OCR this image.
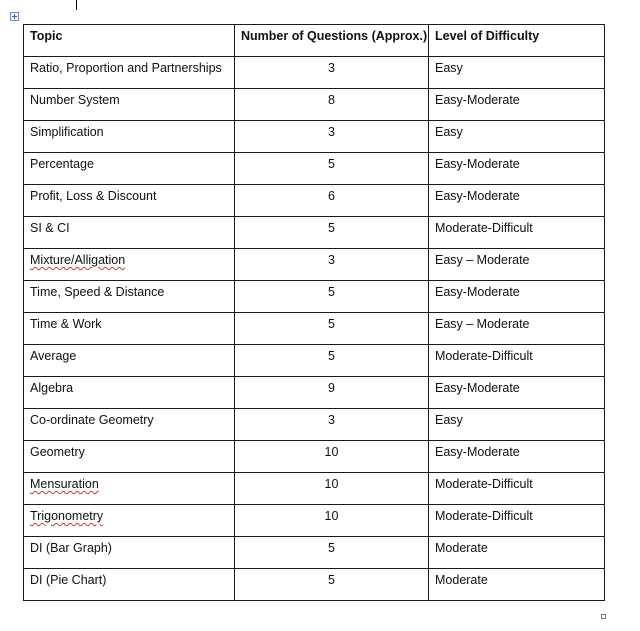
Topic	Number of Questions (Approx.)	Level of Difficulty
Ratio, Proportion and Partnerships	3	Easy
Number System	8	Easy-Moderate
Simplification	3	Easy
Percentage	5	Easy-Moderate
Profit, Loss & Discount	6	Easy-Moderate
SI & CI	5	Moderate-Difficult
Mixture/Alligation	3	Easy – Moderate
Time, Speed & Distance	5	Easy-Moderate
Time & Work	5	Easy – Moderate
Average	5	Moderate-Difficult
Algebra	9	Easy-Moderate
Co-ordinate Geometry	3	Easy
Geometry	10	Easy-Moderate
Mensuration	10	Moderate-Difficult
Trigonometry	10	Moderate-Difficult
DI (Bar Graph)	5	Moderate
DI (Pie Chart)	5	Moderate
